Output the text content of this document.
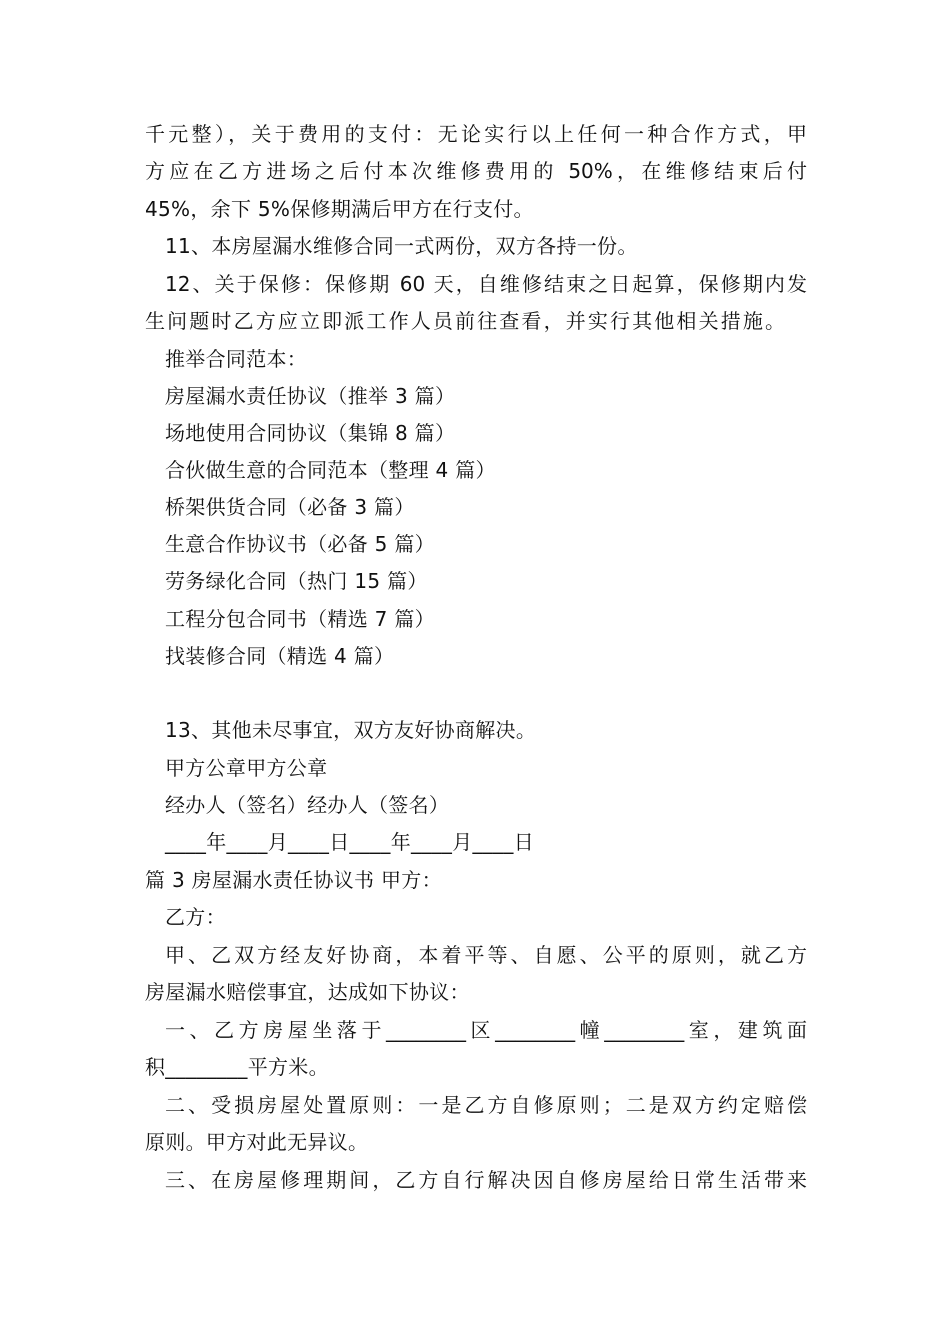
千元整），关于费用的支付：无论实行以上任何一种合作方式，甲
方应在乙方进场之后付本次维修费用的 50%，在维修结束后付
45%，余下 5%保修期满后甲方在行支付。
11、本房屋漏水维修合同一式两份，双方各持一份。
12、关于保修：保修期 60 天，自维修结束之日起算，保修期内发
生问题时乙方应立即派工作人员前往查看，并实行其他相关措施。
推举合同范本：
房屋漏水责任协议（推举 3 篇）
场地使用合同协议（集锦 8 篇）
合伙做生意的合同范本（整理 4 篇）
桥架供货合同（必备 3 篇）
生意合作协议书（必备 5 篇）
劳务绿化合同（热门 15 篇）
工程分包合同书（精选 7 篇）
找装修合同（精选 4 篇）
13、其他未尽事宜，双方友好协商解决。
甲方公章甲方公章
经办人（签名）经办人（签名）
____年____月____日____年____月____日
篇 3 房屋漏水责任协议书 甲方：
乙方：
甲、乙双方经友好协商，本着平等、自愿、公平的原则，就乙方
房屋漏水赔偿事宜，达成如下协议：
一、乙方房屋坐落于________区________幢________室，建筑面
积________平方米。
二、受损房屋处置原则：一是乙方自修原则；二是双方约定赔偿
原则。甲方对此无异议。
三、在房屋修理期间，乙方自行解决因自修房屋给日常生活带来
